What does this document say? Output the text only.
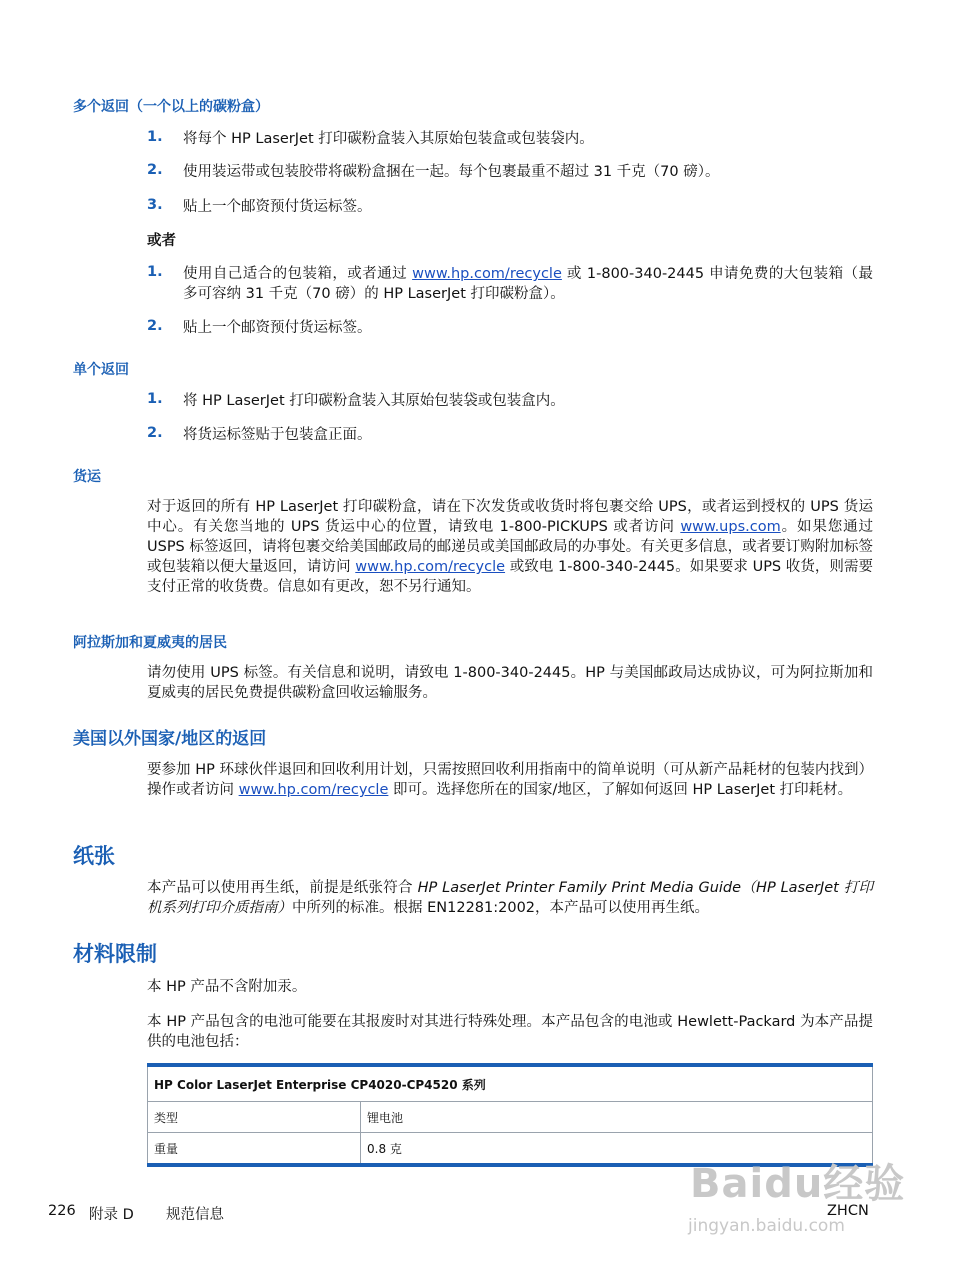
多个返回（一个以上的碳粉盒）
1. 将每个 HP LaserJet 打印碳粉盒装入其原始包装盒或包装袋内。
2. 使用装运带或包装胶带将碳粉盒捆在一起。每个包裹最重不超过 31 千克（70 磅）。
3. 贴上一个邮资预付货运标签。
或者
1. 使用自己适合的包装箱，或者通过 www.hp.com/recycle 或 1-800-340-2445 申请免费的大包装箱（最多可容纳 31 千克（70 磅）的 HP LaserJet 打印碳粉盒）。
2. 贴上一个邮资预付货运标签。
单个返回
1. 将 HP LaserJet 打印碳粉盒装入其原始包装袋或包装盒内。
2. 将货运标签贴于包装盒正面。
货运
对于返回的所有 HP LaserJet 打印碳粉盒，请在下次发货或收货时将包裹交给 UPS，或者运到授权的 UPS 货运中心。有关您当地的 UPS 货运中心的位置，请致电 1-800-PICKUPS 或者访问 www.ups.com。如果您通过 USPS 标签返回，请将包裹交给美国邮政局的邮递员或美国邮政局的办事处。有关更多信息，或者要订购附加标签或包装箱以便大量返回，请访问 www.hp.com/recycle 或致电 1-800-340-2445。如果要求 UPS 收货，则需要支付正常的收货费。信息如有更改，恕不另行通知。
阿拉斯加和夏威夷的居民
请勿使用 UPS 标签。有关信息和说明，请致电 1-800-340-2445。HP 与美国邮政局达成协议，可为阿拉斯加和夏威夷的居民免费提供碳粉盒回收运输服务。
美国以外国家/地区的返回
要参加 HP 环球伙伴退回和回收利用计划，只需按照回收利用指南中的简单说明（可从新产品耗材的包装内找到）操作或者访问 www.hp.com/recycle 即可。选择您所在的国家/地区，了解如何返回 HP LaserJet 打印耗材。
纸张
本产品可以使用再生纸，前提是纸张符合 HP LaserJet Printer Family Print Media Guide（HP LaserJet 打印机系列打印介质指南）中所列的标准。根据 EN12281:2002，本产品可以使用再生纸。
材料限制
本 HP 产品不含附加汞。
本 HP 产品包含的电池可能要在其报废时对其进行特殊处理。本产品包含的电池或 Hewlett-Packard 为本产品提供的电池包括：
HP Color LaserJet Enterprise CP4020-CP4520 系列	
类型	锂电池
重量	0.8 克
226 附录 D 规范信息	ZHCN
Baidu经验
jingyan.baidu.com
